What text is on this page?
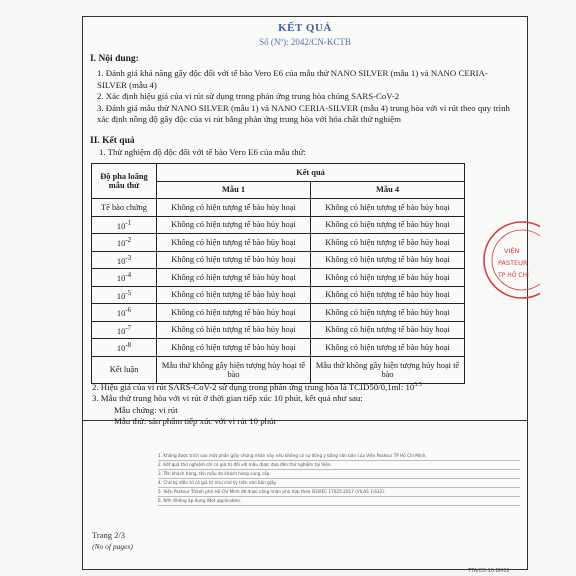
KẾT QUẢ
Số (Nº): 2042/CN-KCTB
I. Nội dung:
1. Đánh giá khả năng gây độc đối với tế bào Vero E6 của mẫu thử NANO SILVER (mẫu 1) và NANO CERIA-SILVER (mẫu 4)
2. Xác định hiệu giá của vi rút sử dụng trong phản ứng trung hòa chủng SARS-CoV-2
3. Đánh giá mẫu thử NANO SILVER (mẫu 1) và NANO CERIA-SILVER (mẫu 4) trung hòa với vi rút theo quy trình xác định nồng độ gây độc của vi rút bằng phản ứng trung hòa với hóa chất thử nghiệm
II. Kết quả
1. Thử nghiệm độ độc đối với tế bào Vero E6 của mẫu thử:
Độ pha loãng mẫu thử	Kết quả	
	Mẫu 1	Mẫu 4
Tế bào chứng	Không có hiện tượng tế bào hủy hoại	Không có hiện tượng tế bào hủy hoại
$10^{-1}$	Không có hiện tượng tế bào hủy hoại	Không có hiện tượng tế bào hủy hoại
$10^{-2}$	Không có hiện tượng tế bào hủy hoại	Không có hiện tượng tế bào hủy hoại
$10^{-3}$	Không có hiện tượng tế bào hủy hoại	Không có hiện tượng tế bào hủy hoại
$10^{-4}$	Không có hiện tượng tế bào hủy hoại	Không có hiện tượng tế bào hủy hoại
$10^{-5}$	Không có hiện tượng tế bào hủy hoại	Không có hiện tượng tế bào hủy hoại
$10^{-6}$	Không có hiện tượng tế bào hủy hoại	Không có hiện tượng tế bào hủy hoại
$10^{-7}$	Không có hiện tượng tế bào hủy hoại	Không có hiện tượng tế bào hủy hoại
$10^{-8}$	Không có hiện tượng tế bào hủy hoại	Không có hiện tượng tế bào hủy hoại
Kết luận	Mẫu thử không gây hiện tượng hủy hoại tế bào	Mẫu thử không gây hiện tượng hủy hoại tế bào
VIỆN
PASTEUR
TP HỒ CHÍ
2. Hiệu giá của vi rút SARS-CoV-2 sử dụng trong phản ứng trung hòa là TCID50/0,1ml: $10^{5.5}$
3. Mẫu thử trung hòa với vi rút ở thời gian tiếp xúc 10 phút, kết quả như sau:
Mẫu chứng: vi rút
Mẫu thử: sản phẩm tiếp xúc với vi rút 10 phút
1. Không được trích sao một phần giấy chứng nhận này nếu không có sự đồng ý bằng văn bản của Viện Pasteur TP Hồ Chí Minh.
2. Kết quả thử nghiệm chỉ có giá trị đối với mẫu được đưa đến thử nghiệm tại Viện.
3. Tên khách hàng, tên mẫu do khách hàng cung cấp.
4. Chữ ký điện tử có giá trị như chữ ký trên văn bản giấy.
5. Viện Pasteur Thành phố Hồ Chí Minh đã được công nhận phù hợp theo ISO/IEC 17025:2017 (VILAS 1/432).
6. N/A: Không áp dụng (Not applicable).
Trang 2/3
(No of pages)
TTA/CD.10.BM02
